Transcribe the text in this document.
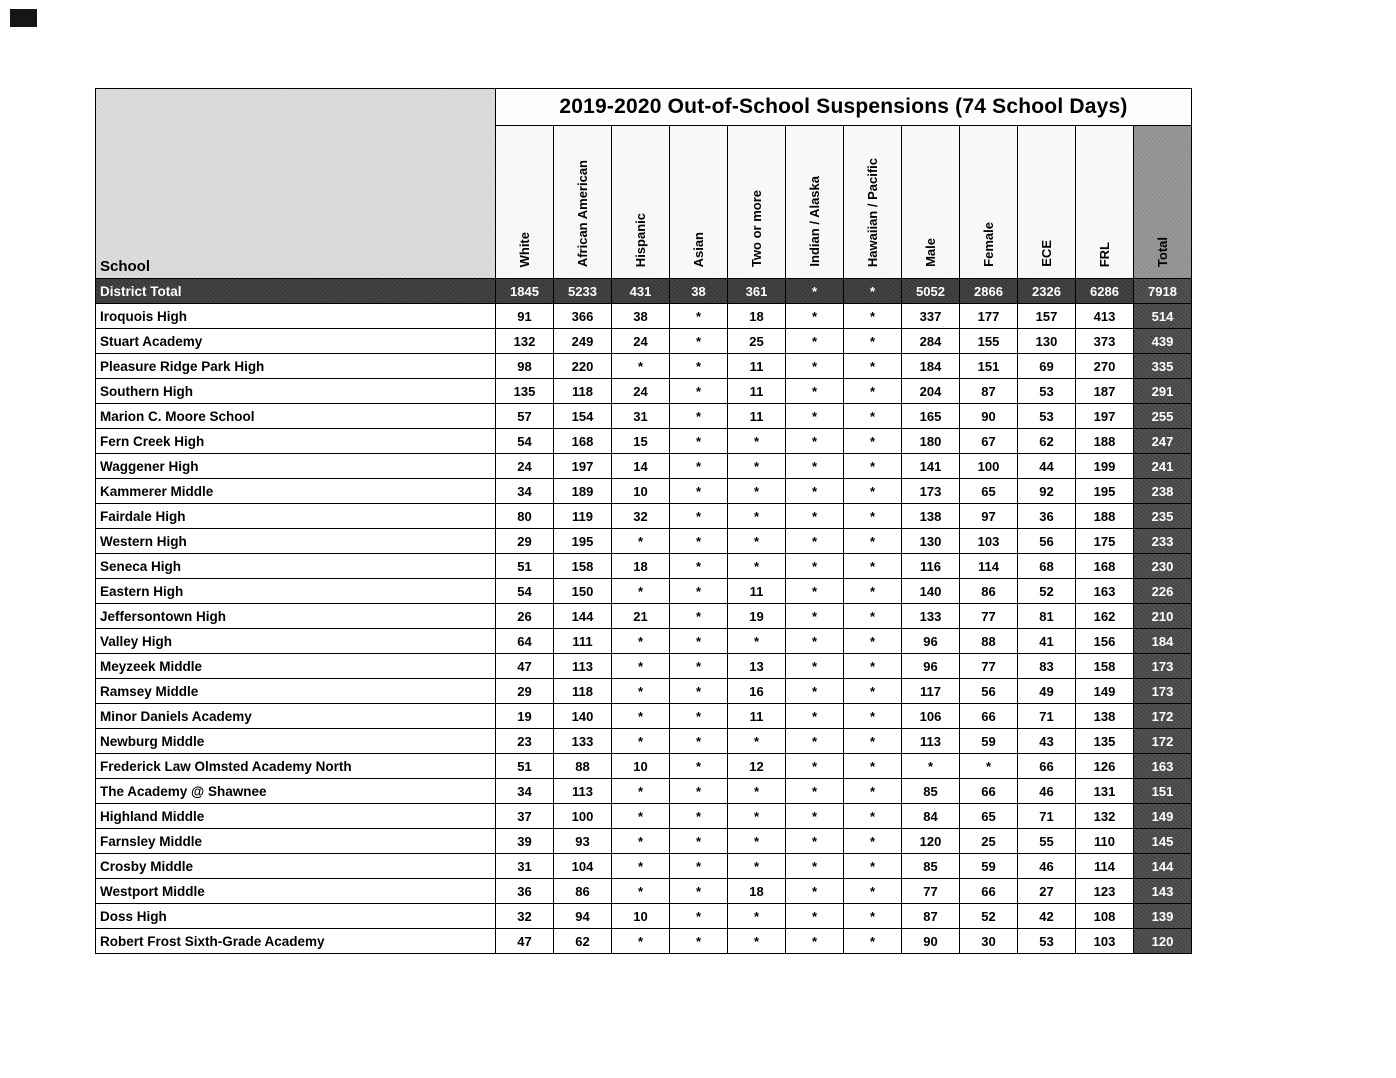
School	2019-2020 Out-of-School Suspensions (74 School Days)											
	White	African American	Hispanic	Asian	Two or more	Indian / Alaska	Hawaiian / Pacific	Male	Female	ECE	FRL	Total
District Total	1845	5233	431	38	361	*	*	5052	2866	2326	6286	7918
Iroquois High	91	366	38	*	18	*	*	337	177	157	413	514
Stuart Academy	132	249	24	*	25	*	*	284	155	130	373	439
Pleasure Ridge Park High	98	220	*	*	11	*	*	184	151	69	270	335
Southern High	135	118	24	*	11	*	*	204	87	53	187	291
Marion C. Moore School	57	154	31	*	11	*	*	165	90	53	197	255
Fern Creek High	54	168	15	*	*	*	*	180	67	62	188	247
Waggener High	24	197	14	*	*	*	*	141	100	44	199	241
Kammerer Middle	34	189	10	*	*	*	*	173	65	92	195	238
Fairdale High	80	119	32	*	*	*	*	138	97	36	188	235
Western High	29	195	*	*	*	*	*	130	103	56	175	233
Seneca High	51	158	18	*	*	*	*	116	114	68	168	230
Eastern High	54	150	*	*	11	*	*	140	86	52	163	226
Jeffersontown High	26	144	21	*	19	*	*	133	77	81	162	210
Valley High	64	111	*	*	*	*	*	96	88	41	156	184
Meyzeek Middle	47	113	*	*	13	*	*	96	77	83	158	173
Ramsey Middle	29	118	*	*	16	*	*	117	56	49	149	173
Minor Daniels Academy	19	140	*	*	11	*	*	106	66	71	138	172
Newburg Middle	23	133	*	*	*	*	*	113	59	43	135	172
Frederick Law Olmsted Academy North	51	88	10	*	12	*	*	*	*	66	126	163
The Academy @ Shawnee	34	113	*	*	*	*	*	85	66	46	131	151
Highland Middle	37	100	*	*	*	*	*	84	65	71	132	149
Farnsley Middle	39	93	*	*	*	*	*	120	25	55	110	145
Crosby Middle	31	104	*	*	*	*	*	85	59	46	114	144
Westport Middle	36	86	*	*	18	*	*	77	66	27	123	143
Doss High	32	94	10	*	*	*	*	87	52	42	108	139
Robert Frost Sixth-Grade Academy	47	62	*	*	*	*	*	90	30	53	103	120
